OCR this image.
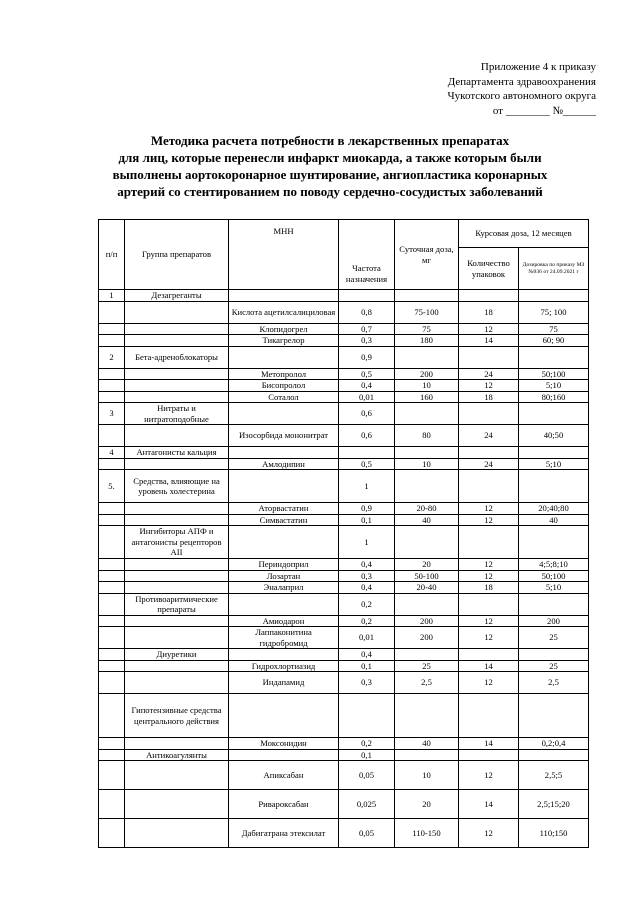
Приложение 4 к приказу
Департамента здравоохранения
Чукотского автономного округа
от ________ №______
Методика расчета потребности в лекарственных препаратах
для лиц, которые перенесли инфаркт миокарда, а также которым были
выполнены аортокоронарное шунтирование, ангиопластика коронарных
артерий со стентированием по поводу сердечно-сосудистых заболеваний
п/п	Группа препаратов	МНН	Частота назначения	Суточная доза, мг	Курсовая доза, 12 месяцев	
					Количество упаковок	Дозировка по приказу МЗ №936 от 24.09.2021 г
1	Дезагреганты					
		Кислота ацетилсалициловая	0,8	75-100	18	75; 100
		Клопидогрел	0,7	75	12	75
		Тикагрелор	0,3	180	14	60; 90
2	Бета-адреноблокаторы		0,9			
		Метопролол	0,5	200	24	50;100
		Бисопролол	0,4	10	12	5;10
		Соталол	0,01	160	18	80;160
3	Нитраты и нитратоподобные		0,6			
		Изосорбида мононитрат	0,6	80	24	40;50
4	Антагонисты кальция					
		Амлодипин	0,5	10	24	5;10
5.	Средства, влияющие на уровень холестерина		1			
		Аторвастатин	0,9	20-80	12	20;40;80
		Симвастатин	0,1	40	12	40
	Ингибиторы АПФ и антагонисты рецепторов АII		1			
		Периндоприл	0,4	20	12	4;5;8;10
		Лозартан	0,3	50-100	12	50;100
		Эналаприл	0,4	20-40	18	5;10
	Противоаритмические препараты		0,2			
		Амиодарон	0,2	200	12	200
		Лаппаконитина гидробромид	0,01	200	12	25
	Диуретики		0,4			
		Гидрохлортиазид	0,1	25	14	25
		Индапамид	0,3	2,5	12	2,5
	Гипотензивные средства центрального действия					
		Моксонидин	0,2	40	14	0,2;0,4
	Антикоагулянты		0,1			
		Апиксабан	0,05	10	12	2,5;5
		Ривароксабан	0,025	20	14	2,5;15;20
		Дабигатрана этексилат	0,05	110-150	12	110;150
